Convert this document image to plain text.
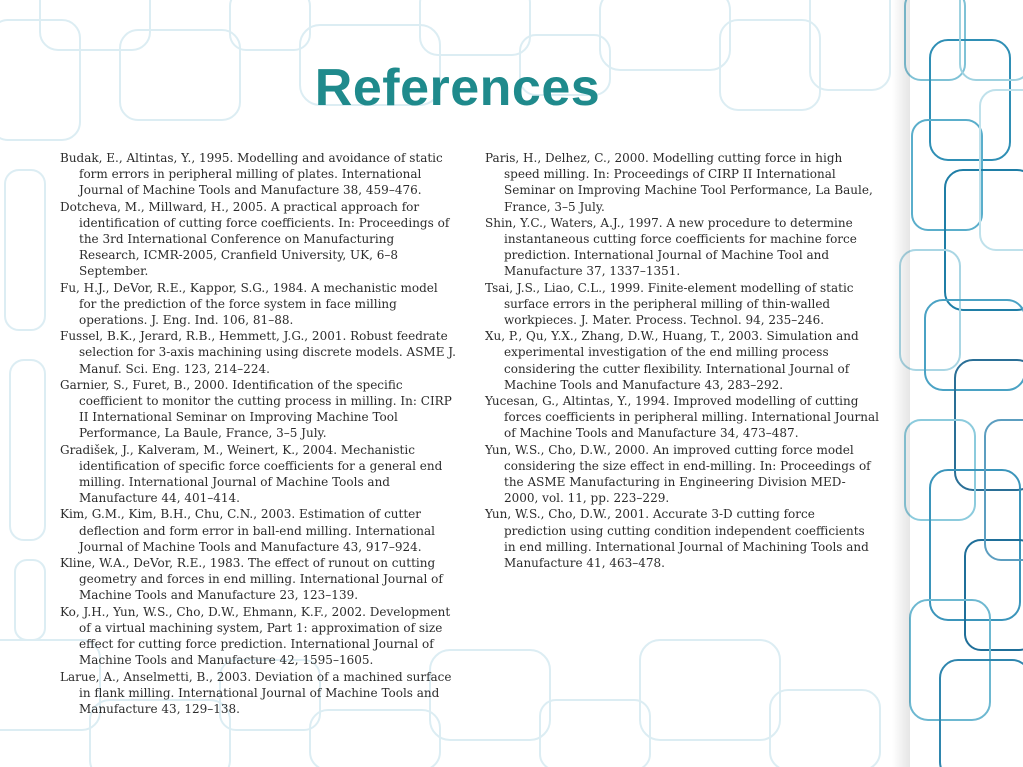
References

Budak, E., Altintas, Y., 1995. Modelling and avoidance of static form errors in peripheral milling of plates. International Journal of Machine Tools and Manufacture 38, 459–476.

Dotcheva, M., Millward, H., 2005. A practical approach for identification of cutting force coefficients. In: Proceedings of the 3rd International Conference on Manufacturing Research, ICMR-2005, Cranfield University, UK, 6–8 September.

Fu, H.J., DeVor, R.E., Kappor, S.G., 1984. A mechanistic model for the prediction of the force system in face milling operations. J. Eng. Ind. 106, 81–88.

Fussel, B.K., Jerard, R.B., Hemmett, J.G., 2001. Robust feedrate selection for 3-axis machining using discrete models. ASME J. Manuf. Sci. Eng. 123, 214–224.

Garnier, S., Furet, B., 2000. Identification of the specific coefficient to monitor the cutting process in milling. In: CIRP II International Seminar on Improving Machine Tool Performance, La Baule, France, 3–5 July.

Gradišek, J., Kalveram, M., Weinert, K., 2004. Mechanistic identification of specific force coefficients for a general end milling. International Journal of Machine Tools and Manufacture 44, 401–414.

Kim, G.M., Kim, B.H., Chu, C.N., 2003. Estimation of cutter deflection and form error in ball-end milling. International Journal of Machine Tools and Manufacture 43, 917–924.

Kline, W.A., DeVor, R.E., 1983. The effect of runout on cutting geometry and forces in end milling. International Journal of Machine Tools and Manufacture 23, 123–139.

Ko, J.H., Yun, W.S., Cho, D.W., Ehmann, K.F., 2002. Development of a virtual machining system, Part 1: approximation of size effect for cutting force prediction. International Journal of Machine Tools and Manufacture 42, 1595–1605.

Larue, A., Anselmetti, B., 2003. Deviation of a machined surface in flank milling. International Journal of Machine Tools and Manufacture 43, 129–138.

Paris, H., Delhez, C., 2000. Modelling cutting force in high speed milling. In: Proceedings of CIRP II International Seminar on Improving Machine Tool Performance, La Baule, France, 3–5 July.

Shin, Y.C., Waters, A.J., 1997. A new procedure to determine instantaneous cutting force coefficients for machine force prediction. International Journal of Machine Tool and Manufacture 37, 1337–1351.

Tsai, J.S., Liao, C.L., 1999. Finite-element modelling of static surface errors in the peripheral milling of thin-walled workpieces. J. Mater. Process. Technol. 94, 235–246.

Xu, P., Qu, Y.X., Zhang, D.W., Huang, T., 2003. Simulation and experimental investigation of the end milling process considering the cutter flexibility. International Journal of Machine Tools and Manufacture 43, 283–292.

Yucesan, G., Altintas, Y., 1994. Improved modelling of cutting forces coefficients in peripheral milling. International Journal of Machine Tools and Manufacture 34, 473–487.

Yun, W.S., Cho, D.W., 2000. An improved cutting force model considering the size effect in end-milling. In: Proceedings of the ASME Manufacturing in Engineering Division MED-2000, vol. 11, pp. 223–229.

Yun, W.S., Cho, D.W., 2001. Accurate 3-D cutting force prediction using cutting condition independent coefficients in end milling. International Journal of Machining Tools and Manufacture 41, 463–478.
